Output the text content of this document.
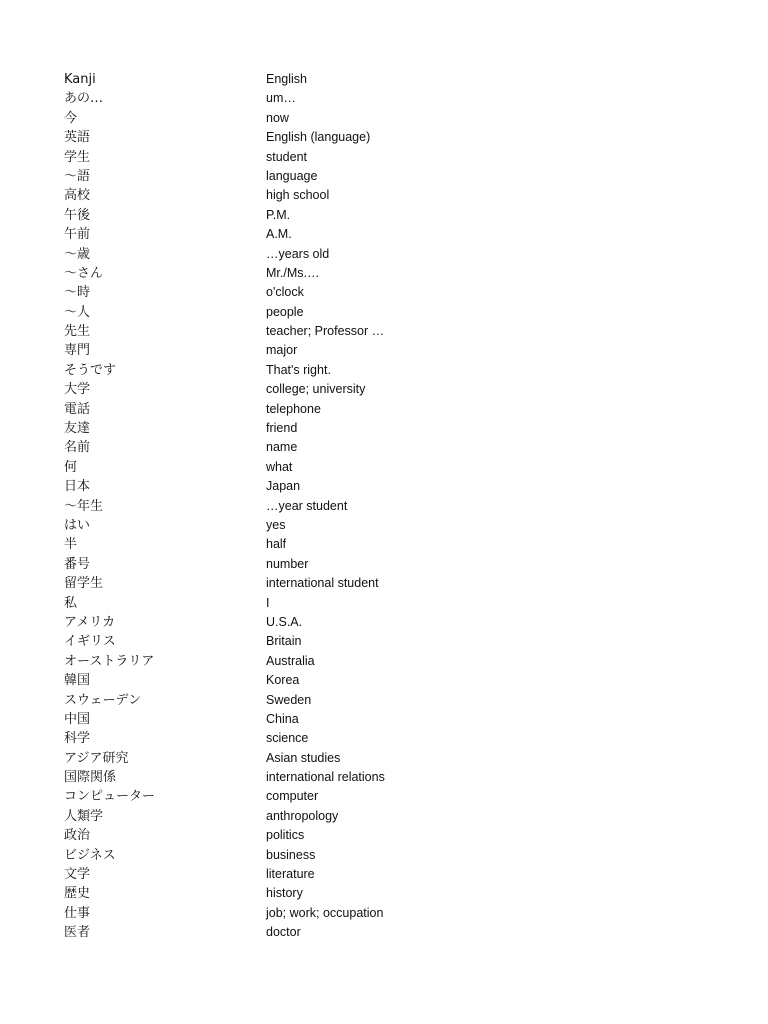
Kanji	English
あの…	um…
今	now
英語	English (language)
学生	student
～語	language
高校	high school
午後	P.M.
午前	A.M.
～歳	…years old
～さん	Mr./Ms.…
～時	o'clock
～人	people
先生	teacher; Professor …
専門	major
そうです	That's right.
大学	college; university
電話	telephone
友達	friend
名前	name
何	what
日本	Japan
～年生	…year student
はい	yes
半	half
番号	number
留学生	international student
私	I
アメリカ	U.S.A.
イギリス	Britain
オーストラリア	Australia
韓国	Korea
スウェーデン	Sweden
中国	China
科学	science
アジア研究	Asian studies
国際関係	international relations
コンピューター	computer
人類学	anthropology
政治	politics
ビジネス	business
文学	literature
歴史	history
仕事	job; work; occupation
医者	doctor
